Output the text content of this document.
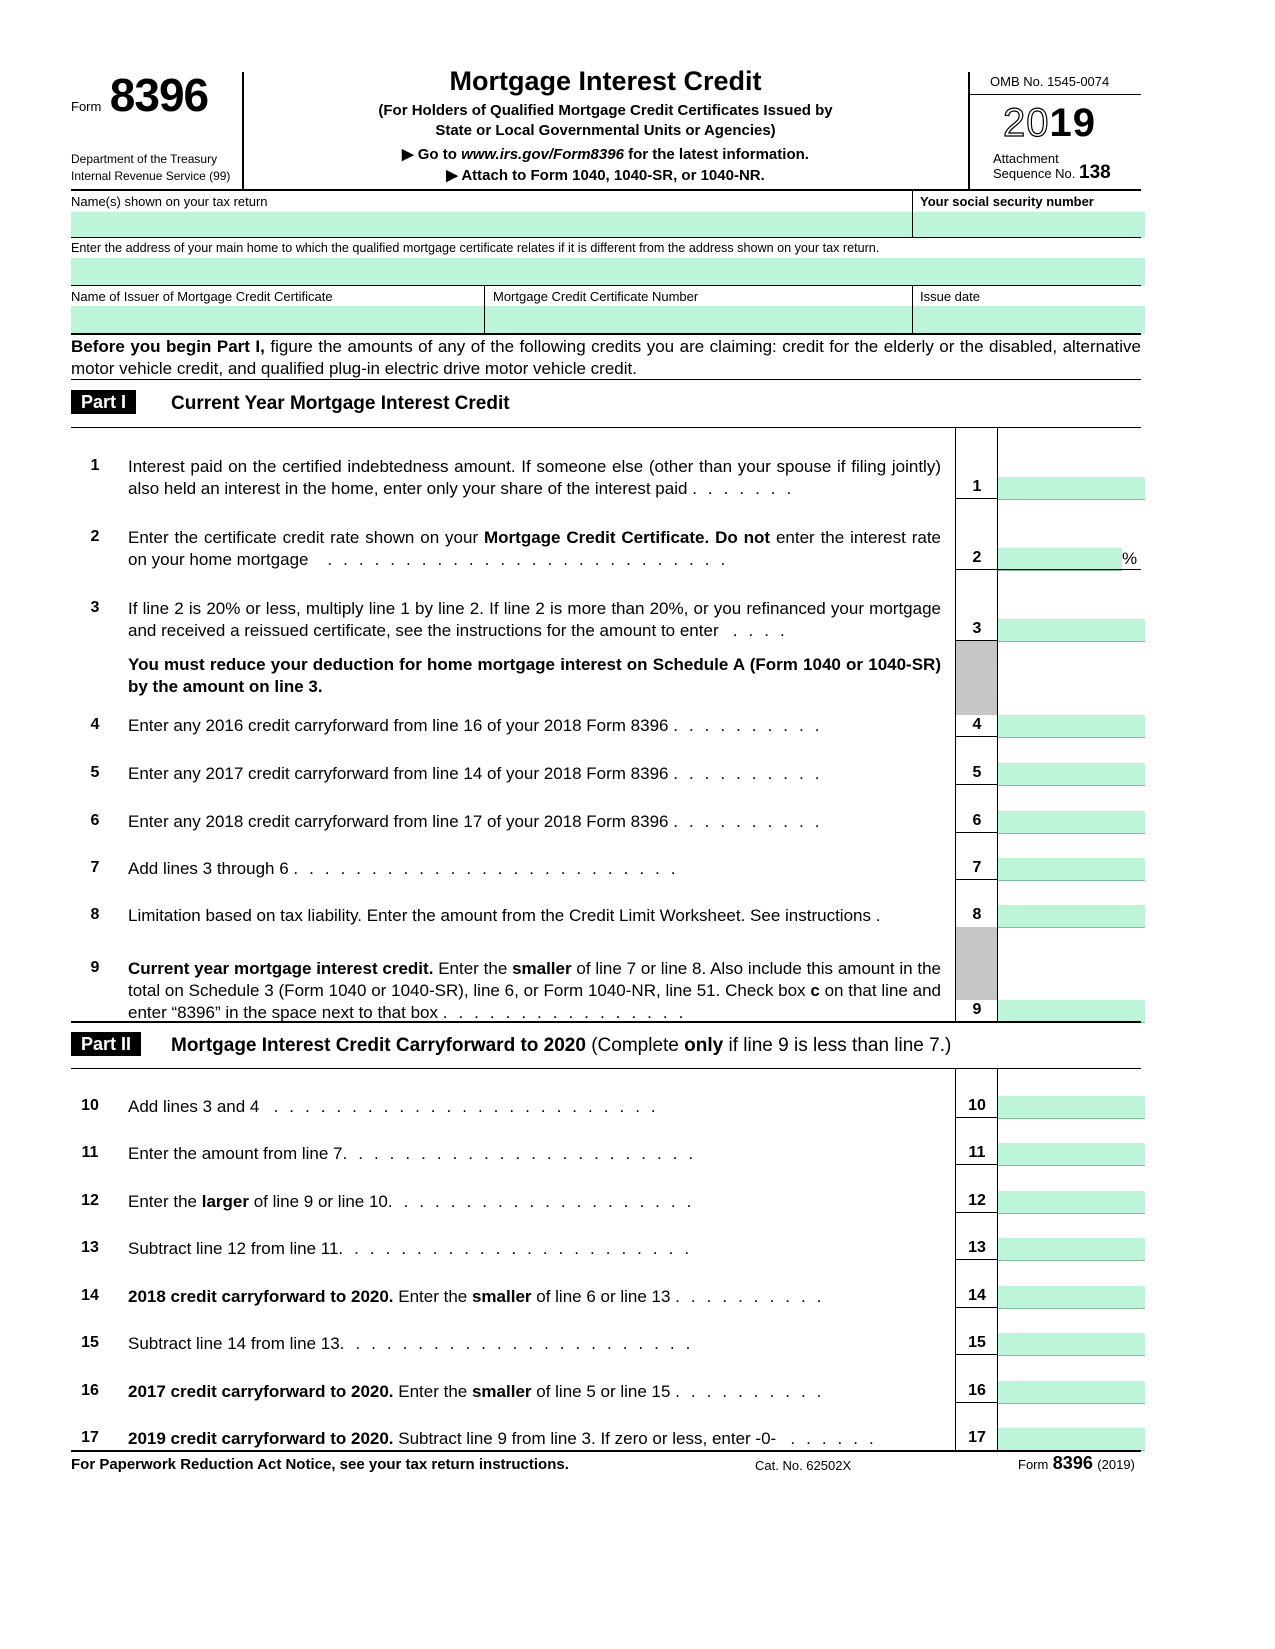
Form 8396
Department of the Treasury
Internal Revenue Service (99)
Mortgage Interest Credit
(For Holders of Qualified Mortgage Credit Certificates Issued by
State or Local Governmental Units or Agencies)
▶ Go to www.irs.gov/Form8396 for the latest information.
▶ Attach to Form 1040, 1040-SR, or 1040-NR.
OMB No. 1545-0074
2019
Attachment
Sequence No. 138
Name(s) shown on your tax return	Your social security number
Enter the address of your main home to which the qualified mortgage certificate relates if it is different from the address shown on your tax return.
Name of Issuer of Mortgage Credit Certificate	Mortgage Credit Certificate Number	Issue date
Before you begin Part I, figure the amounts of any of the following credits you are claiming: credit for the elderly or the disabled, alternative motor vehicle credit, and qualified plug-in electric drive motor vehicle credit.
Part I	Current Year Mortgage Interest Credit
1	Interest paid on the certified indebtedness amount. If someone else (other than your spouse if filing jointly) also held an interest in the home, enter only your share of the interest paid .......	1
2	Enter the certificate credit rate shown on your Mortgage Credit Certificate. Do not enter the interest rate on your home mortgage ..........................	2	%
3	If line 2 is 20% or less, multiply line 1 by line 2. If line 2 is more than 20%, or you refinanced your mortgage and received a reissued certificate, see the instructions for the amount to enter ....	3
You must reduce your deduction for home mortgage interest on Schedule A (Form 1040 or 1040-SR) by the amount on line 3.
4	Enter any 2016 credit carryforward from line 16 of your 2018 Form 8396 ..........	4
5	Enter any 2017 credit carryforward from line 14 of your 2018 Form 8396 ..........	5
6	Enter any 2018 credit carryforward from line 17 of your 2018 Form 8396 ..........	6
7	Add lines 3 through 6 .........................	7
8	Limitation based on tax liability. Enter the amount from the Credit Limit Worksheet. See instructions .	8
9	Current year mortgage interest credit. Enter the smaller of line 7 or line 8. Also include this amount in the total on Schedule 3 (Form 1040 or 1040-SR), line 6, or Form 1040-NR, line 51. Check box c on that line and enter “8396” in the space next to that box ................	9
Part II	Mortgage Interest Credit Carryforward to 2020 (Complete only if line 9 is less than line 7.)
10	Add lines 3 and 4 .........................	10
11	Enter the amount from line 7.......................	11
12	Enter the larger of line 9 or line 10....................	12
13	Subtract line 12 from line 11.......................	13
14	2018 credit carryforward to 2020. Enter the smaller of line 6 or line 13 ..........	14
15	Subtract line 14 from line 13.......................	15
16	2017 credit carryforward to 2020. Enter the smaller of line 5 or line 15 ..........	16
17	2019 credit carryforward to 2020. Subtract line 9 from line 3. If zero or less, enter -0- ......	17
For Paperwork Reduction Act Notice, see your tax return instructions.	Cat. No. 62502X	Form 8396 (2019)
